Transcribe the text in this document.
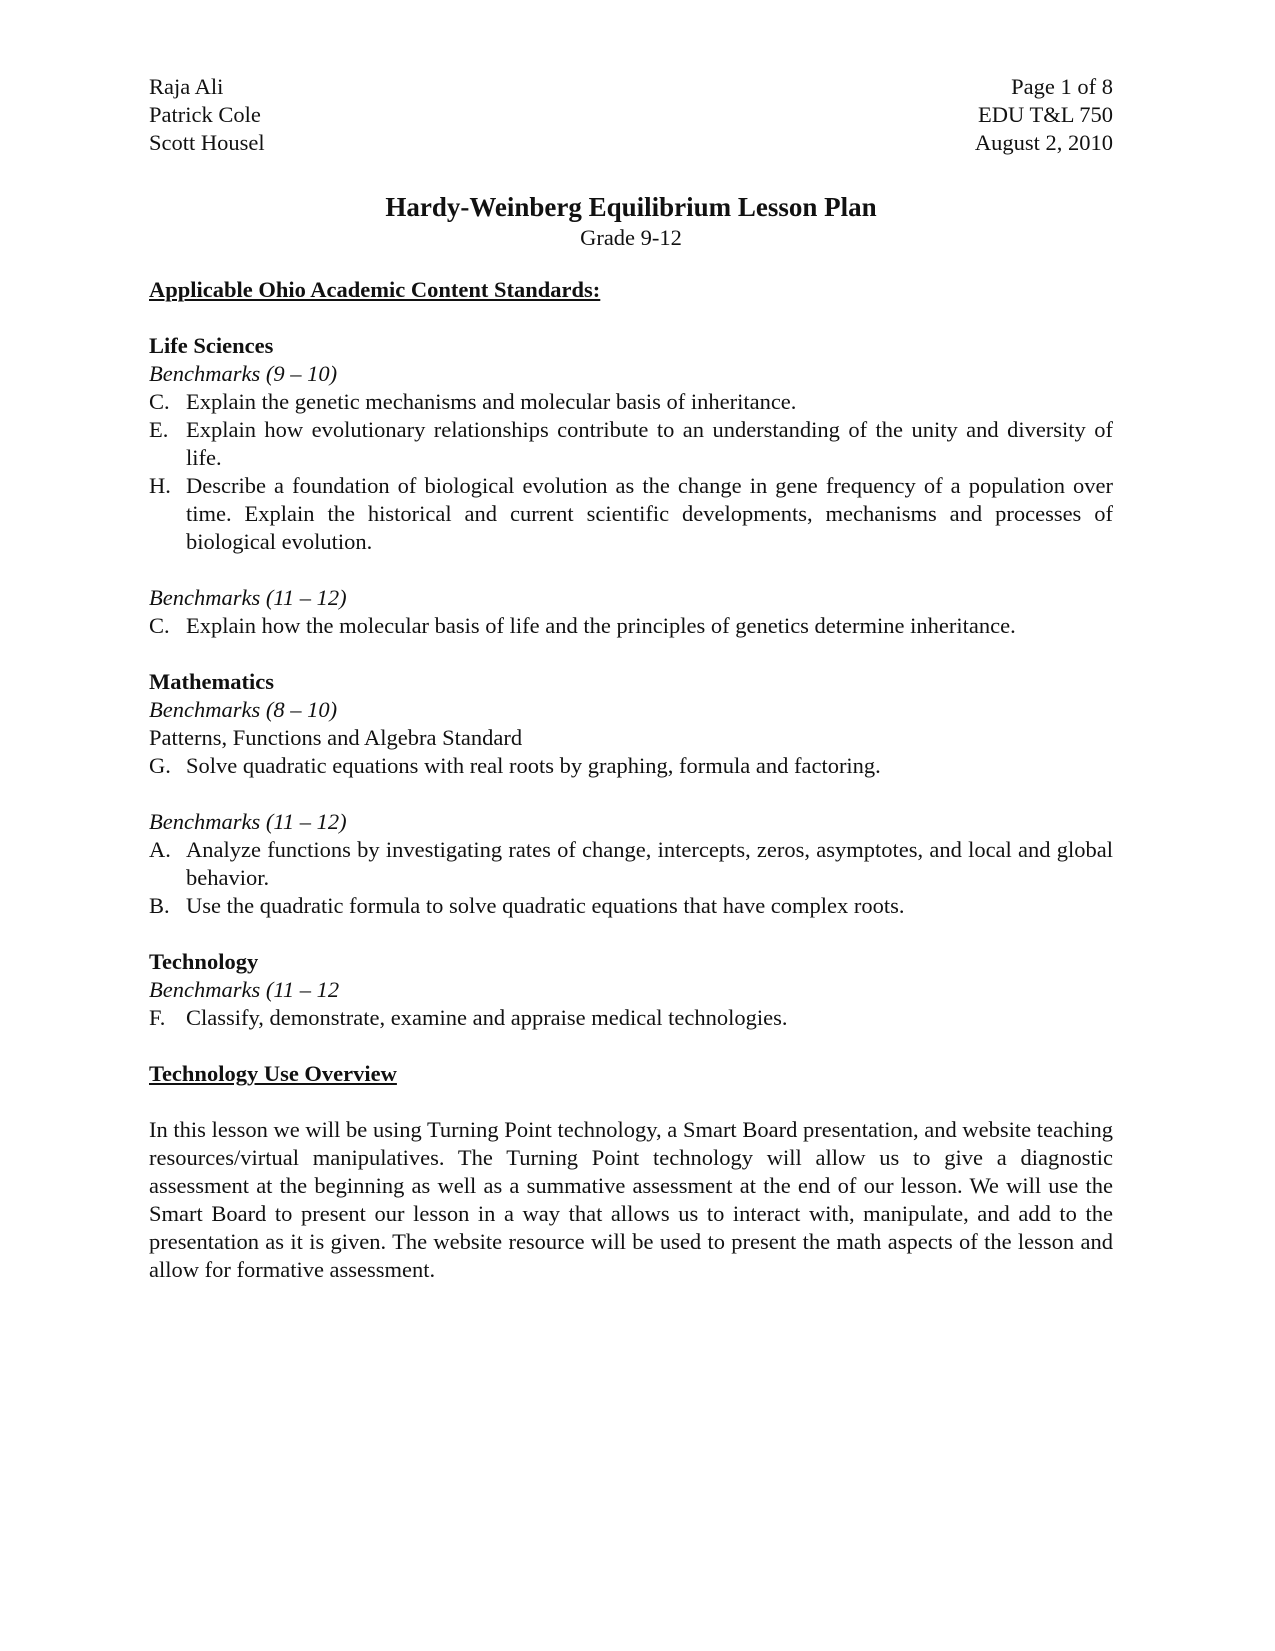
Raja Ali
Patrick Cole
Scott Housel
Page 1 of 8
EDU T&L 750
August 2, 2010
Hardy-Weinberg Equilibrium Lesson Plan
Grade 9-12
Applicable Ohio Academic Content Standards:
Life Sciences
Benchmarks (9 – 10)
C. Explain the genetic mechanisms and molecular basis of inheritance.
E. Explain how evolutionary relationships contribute to an understanding of the unity and diversity of life.
H. Describe a foundation of biological evolution as the change in gene frequency of a population over time. Explain the historical and current scientific developments, mechanisms and processes of biological evolution.
Benchmarks (11 – 12)
C. Explain how the molecular basis of life and the principles of genetics determine inheritance.
Mathematics
Benchmarks (8 – 10)
Patterns, Functions and Algebra Standard
G. Solve quadratic equations with real roots by graphing, formula and factoring.
Benchmarks (11 – 12)
A. Analyze functions by investigating rates of change, intercepts, zeros, asymptotes, and local and global behavior.
B. Use the quadratic formula to solve quadratic equations that have complex roots.
Technology
Benchmarks (11 – 12
F. Classify, demonstrate, examine and appraise medical technologies.
Technology Use Overview
In this lesson we will be using Turning Point technology, a Smart Board presentation, and website teaching resources/virtual manipulatives. The Turning Point technology will allow us to give a diagnostic assessment at the beginning as well as a summative assessment at the end of our lesson. We will use the Smart Board to present our lesson in a way that allows us to interact with, manipulate, and add to the presentation as it is given. The website resource will be used to present the math aspects of the lesson and allow for formative assessment.
